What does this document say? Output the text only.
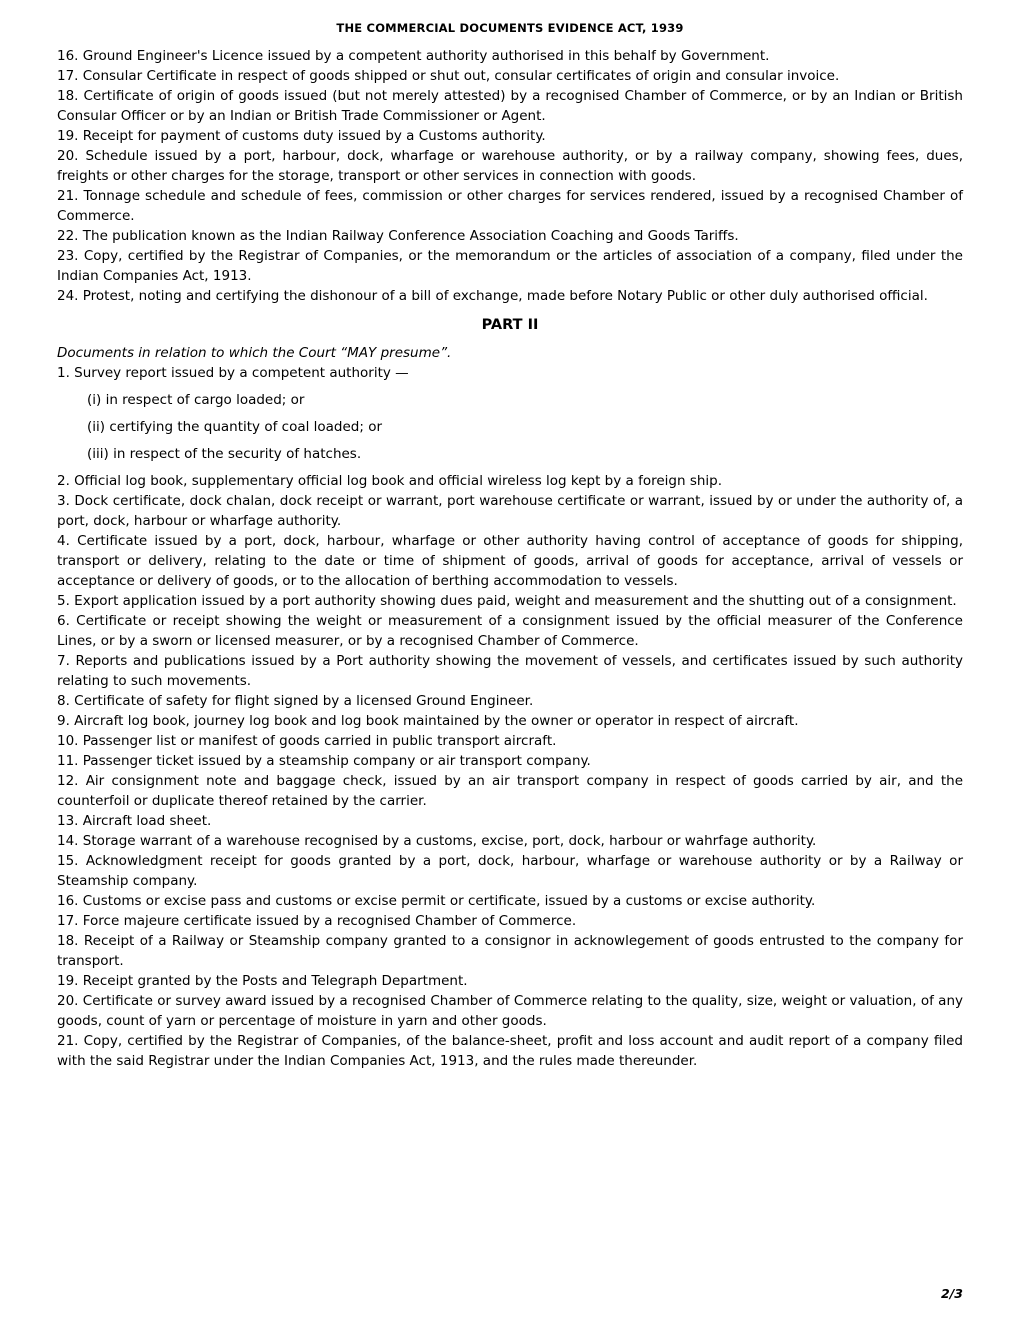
THE COMMERCIAL DOCUMENTS EVIDENCE ACT, 1939

16. Ground Engineer's Licence issued by a competent authority authorised in this behalf by Government.

17. Consular Certificate in respect of goods shipped or shut out, consular certificates of origin and consular invoice.

18. Certificate of origin of goods issued (but not merely attested) by a recognised Chamber of Commerce, or by an Indian or British Consular Officer or by an Indian or British Trade Commissioner or Agent.

19. Receipt for payment of customs duty issued by a Customs authority.

20. Schedule issued by a port, harbour, dock, wharfage or warehouse authority, or by a railway company, showing fees, dues, freights or other charges for the storage, transport or other services in connection with goods.

21. Tonnage schedule and schedule of fees, commission or other charges for services rendered, issued by a recognised Chamber of Commerce.

22. The publication known as the Indian Railway Conference Association Coaching and Goods Tariffs.

23. Copy, certified by the Registrar of Companies, or the memorandum or the articles of association of a company, filed under the Indian Companies Act, 1913.

24. Protest, noting and certifying the dishonour of a bill of exchange, made before Notary Public or other duly authorised official.

PART II

Documents in relation to which the Court “MAY presume”.

1. Survey report issued by a competent authority —

(i) in respect of cargo loaded; or

(ii) certifying the quantity of coal loaded; or

(iii) in respect of the security of hatches.

2. Official log book, supplementary official log book and official wireless log kept by a foreign ship.

3. Dock certificate, dock chalan, dock receipt or warrant, port warehouse certificate or warrant, issued by or under the authority of, a port, dock, harbour or wharfage authority.

4. Certificate issued by a port, dock, harbour, wharfage or other authority having control of acceptance of goods for shipping, transport or delivery, relating to the date or time of shipment of goods, arrival of goods for acceptance, arrival of vessels or acceptance or delivery of goods, or to the allocation of berthing accommodation to vessels.

5. Export application issued by a port authority showing dues paid, weight and measurement and the shutting out of a consignment.

6. Certificate or receipt showing the weight or measurement of a consignment issued by the official measurer of the Conference Lines, or by a sworn or licensed measurer, or by a recognised Chamber of Commerce.

7. Reports and publications issued by a Port authority showing the movement of vessels, and certificates issued by such authority relating to such movements.

8. Certificate of safety for flight signed by a licensed Ground Engineer.

9. Aircraft log book, journey log book and log book maintained by the owner or operator in respect of aircraft.

10. Passenger list or manifest of goods carried in public transport aircraft.

11. Passenger ticket issued by a steamship company or air transport company.

12. Air consignment note and baggage check, issued by an air transport company in respect of goods carried by air, and the counterfoil or duplicate thereof retained by the carrier.

13. Aircraft load sheet.

14. Storage warrant of a warehouse recognised by a customs, excise, port, dock, harbour or wahrfage authority.

15. Acknowledgment receipt for goods granted by a port, dock, harbour, wharfage or warehouse authority or by a Railway or Steamship company.

16. Customs or excise pass and customs or excise permit or certificate, issued by a customs or excise authority.

17. Force majeure certificate issued by a recognised Chamber of Commerce.

18. Receipt of a Railway or Steamship company granted to a consignor in acknowlegement of goods entrusted to the company for transport.

19. Receipt granted by the Posts and Telegraph Department.

20. Certificate or survey award issued by a recognised Chamber of Commerce relating to the quality, size, weight or valuation, of any goods, count of yarn or percentage of moisture in yarn and other goods.

21. Copy, certified by the Registrar of Companies, of the balance-sheet, profit and loss account and audit report of a company filed with the said Registrar under the Indian Companies Act, 1913, and the rules made thereunder.

2/3
